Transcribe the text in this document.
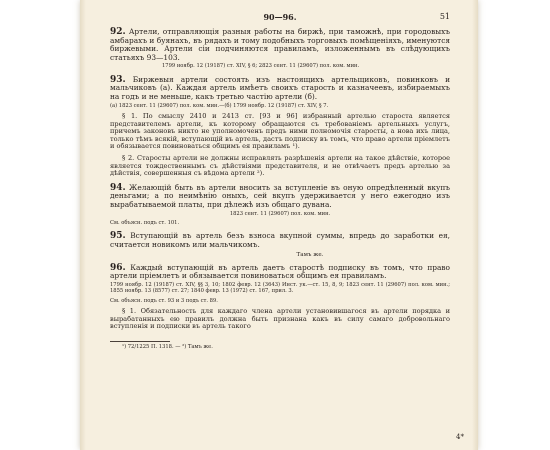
90—96.	51

92. Артели, отправляющія разныя работы на биржѣ, при таможнѣ, при городовыхъ амбарахъ и буянахъ, въ рядахъ и тому подобныхъ торговыхъ помѣщеніяхъ, именуются биржевыми. Артели сіи подчиняются правиламъ, изложеннымъ въ слѣдующихъ статьяхъ 93—103.

1799 ноябр. 12 (19187) ст. XIV, § 6; 2823 сент. 11 (29607) пол. ком. мин.

93. Биржевыя артели состоять изъ настоящихъ артельщиковъ, повинковъ и мальчиковъ (а). Каждая артель имѣетъ своихъ старость и казначеевъ, избираемыхъ на годъ и не меньше, какъ третью частію артели (б).

(а) 1823 сент. 11 (29607) пол. ком. мин.—(б) 1799 ноябр. 12 (19187) ст. XIV, § 7.

§ 1. По смыслу 2410 и 2413 ст. [93 и 96] избранный артелью староста является представителемъ артели, къ которому обращаются съ требованіемъ артельныхъ услугъ, причемъ законовъ никто не уполномоченъ предъ ними полномочія старосты, а нова ихъ лица, только тѣмъ всякій, вступающій въ артель, дастъ подписку въ томъ, что право артели пріемлетъ и обязывается повиноваться общимъ ея правиламъ ¹).

§ 2. Старосты артели не должны исправлять разрѣшенія артели на такое дѣйствіе, которое является тождественнымъ съ дѣйствіями представителя, и не отвѣчаетъ предъ артелью за дѣйствія, совершенныя съ вѣдома артели ²).

94. Желающій быть въ артели вносить за вступленіе въ оную опредѣленный вкупъ деньгами; а по неимѣнію оныхъ, сей вкупъ удерживается у него ежегодно изъ вырабатываемой платы, при дѣлежѣ изъ общаго дувана.

1823 сент. 11 (29607) пол. ком. мин.

См. объясн. подъ ст. 101.

95. Вступающій въ артель безъ взноса вкупной суммы, впредь до заработки ея, считается новикомъ или мальчикомъ.

Тамъ же.

96. Каждый вступающій въ артель даетъ старостѣ подписку въ томъ, что право артели пріемлетъ и обязывается повиноваться общимъ ея правиламъ.

1799 ноябр. 12 (19187) ст. XIV, §§ 3, 10; 1802 февр. 12 (3643) Инст. ук.—ст. 15, 8, 9; 1823 сент. 11 (29607) пол. ком. мин.; 1855 ноябр. 13 (8577) ст. 27; 1840 февр. 13 (1972) ст. 167, прил. 3.

См. объясн. подъ ст. 93 и 3 подъ ст. 89.

§ 1. Обязательность для каждаго члена артели установившагося въ артели порядка и вырабатанныхъ ею правилъ должна быть признана какъ въ силу самаго добровольнаго вступленія и подписки въ артель такого

¹) 72/1225 П. 1318. — ²) Тамъ же.

4*
